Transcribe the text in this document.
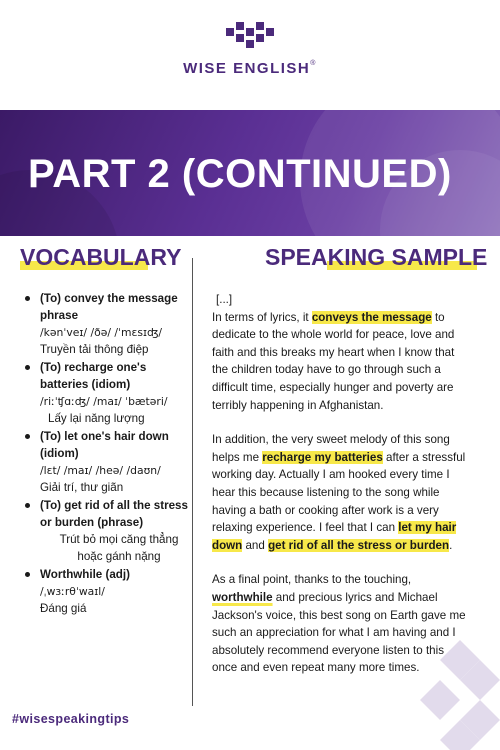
WISE ENGLISH®
PART 2 (CONTINUED)
VOCABULARY	SPEAKING SAMPLE
(To) convey the message phrase
/kənˈveɪ/ /ðə/ /ˈmɛsɪʤ/
Truyền tải thông điệp
(To) recharge one's batteries (idiom)
/riːˈʧɑːʤ/ /maɪ/ ˈbætəri/
Lấy lại năng lượng
(To) let one's hair down (idiom)
/lɛt/ /maɪ/ /heə/ /daʊn/
Giải trí, thư giãn
(To) get rid of all the stress or burden (phrase)
Trút bỏ mọi căng thẳng hoặc gánh nặng
Worthwhile (adj)
/ˌwɜːrθˈwaɪl/
Đáng giá

[...]
In terms of lyrics, it conveys the message to dedicate to the whole world for peace, love and faith and this breaks my heart when I know that the children today have to go through such a difficult time, especially hunger and poverty are terribly happening in Afghanistan.

In addition, the very sweet melody of this song helps me recharge my batteries after a stressful working day. Actually I am hooked every time I hear this because listening to the song while having a bath or cooking after work is a very relaxing experience. I feel that I can let my hair down and get rid of all the stress or burden.

As a final point, thanks to the touching, worthwhile and precious lyrics and Michael Jackson's voice, this best song on Earth gave me such an appreciation for what I am having and I absolutely recommend everyone listen to this once and even repeat many more times.

#wisespeakingtips
